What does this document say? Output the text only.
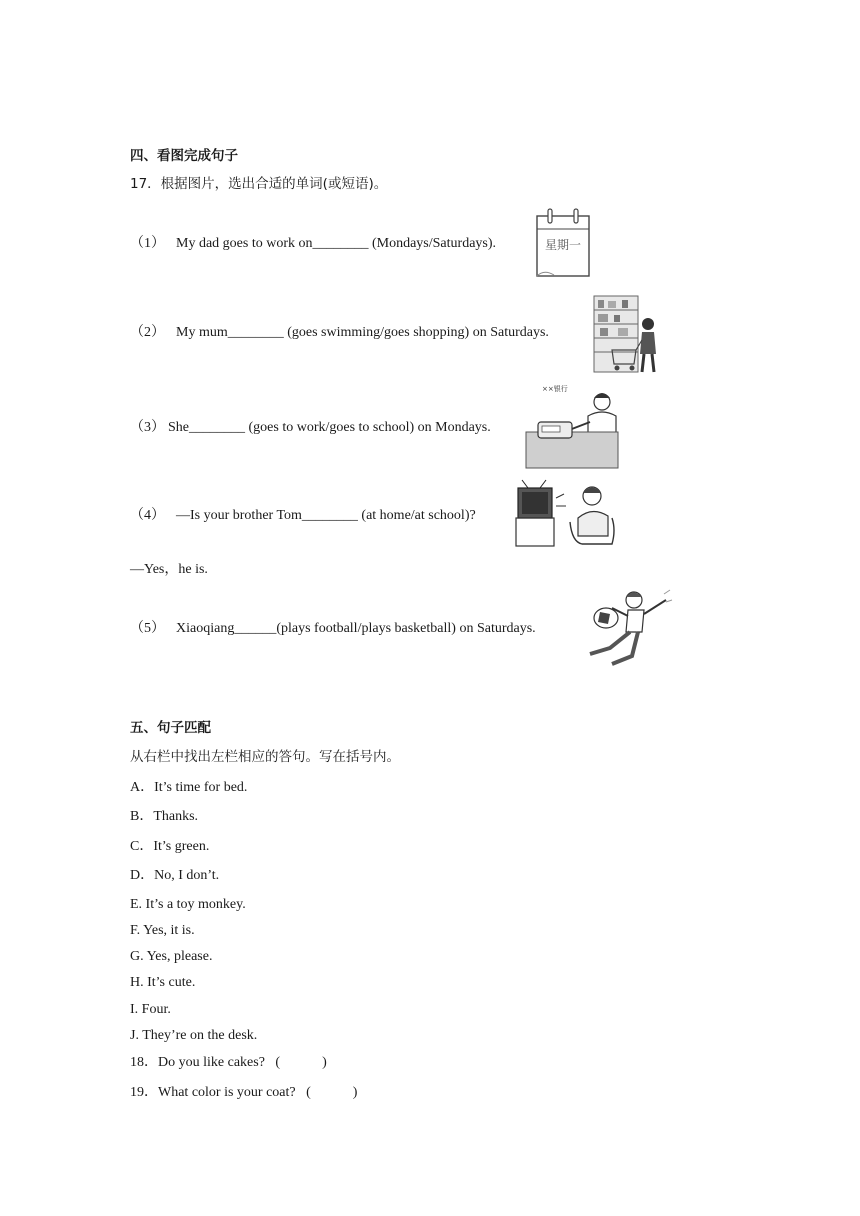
四、看图完成句子
17．根据图片，选出合适的单词(或短语)。
（1） My dad goes to work on________ (Mondays/Saturdays).
（2） My mum________ (goes swimming/goes shopping) on Saturdays.
（3） She________ (goes to work/goes to school) on Mondays.
（4） —Is your brother Tom________ (at home/at school)?
—Yes，he is.
（5） Xiaoqiang______(plays football/plays basketball) on Saturdays.
星期一
××银行
五、句子匹配
从右栏中找出左栏相应的答句。写在括号内。
A．It’s time for bed.
B．Thanks.
C．It’s green.
D．No, I don’t.
E. It’s a toy monkey.
F. Yes, it is.
G. Yes, please.
H. It’s cute.
I. Four.
J. They’re on the desk.
18．Do you like cakes?   (            )
19．What color is your coat?   (            )
